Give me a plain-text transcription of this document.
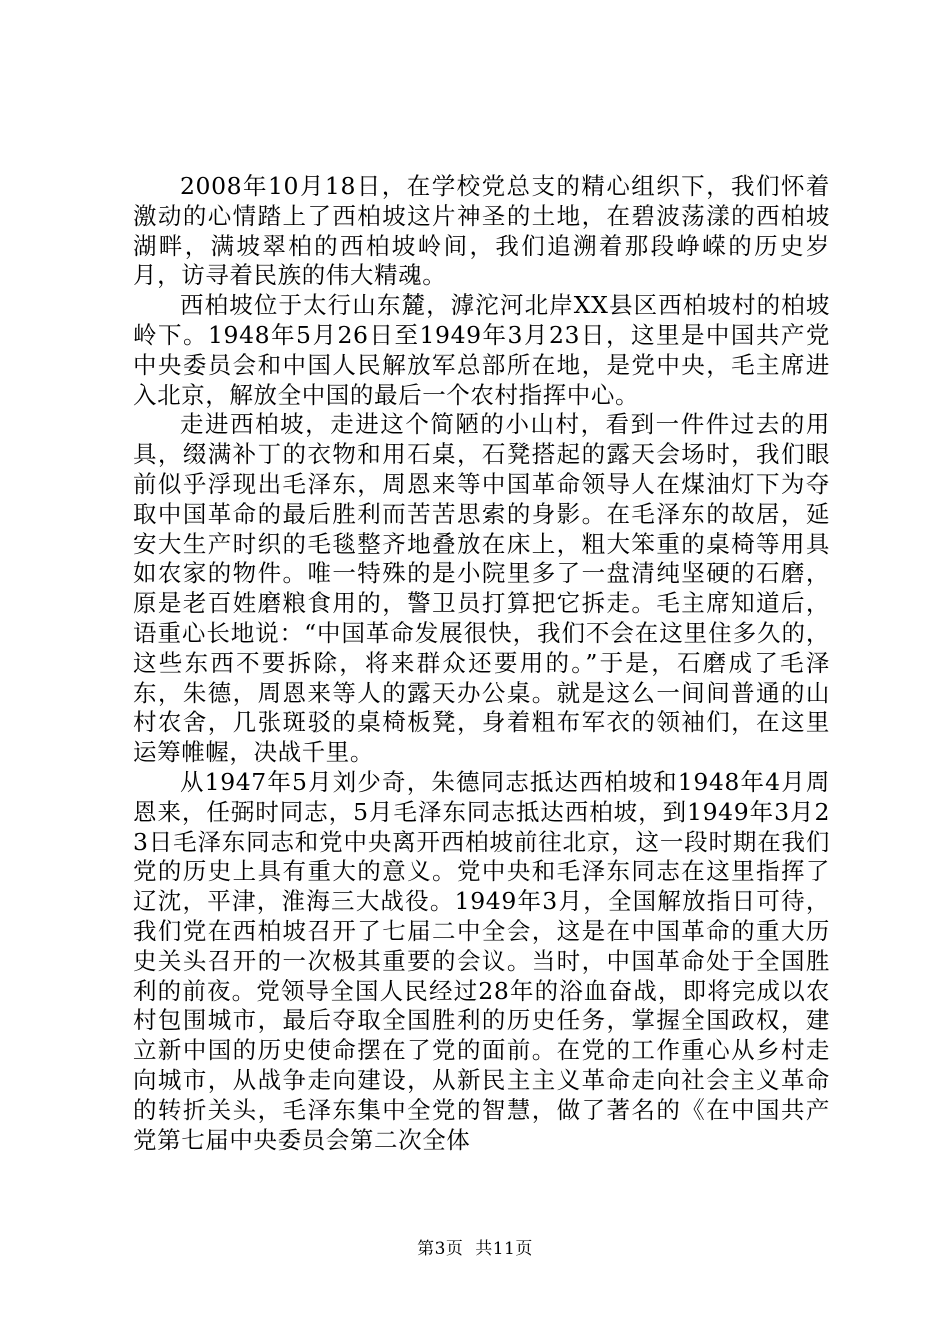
2008年10月18日，在学校党总支的精心组织下，我们怀着激动的心情踏上了西柏坡这片神圣的土地，在碧波荡漾的西柏坡湖畔，满坡翠柏的西柏坡岭间，我们追溯着那段峥嵘的历史岁月，访寻着民族的伟大精魂。

西柏坡位于太行山东麓，滹沱河北岸XX县区西柏坡村的柏坡岭下。1948年5月26日至1949年3月23日，这里是中国共产党中央委员会和中国人民解放军总部所在地，是党中央，毛主席进入北京，解放全中国的最后一个农村指挥中心。

走进西柏坡，走进这个简陋的小山村，看到一件件过去的用具，缀满补丁的衣物和用石桌，石凳搭起的露天会场时，我们眼前似乎浮现出毛泽东，周恩来等中国革命领导人在煤油灯下为夺取中国革命的最后胜利而苦苦思索的身影。在毛泽东的故居，延安大生产时织的毛毯整齐地叠放在床上，粗大笨重的桌椅等用具如农家的物件。唯一特殊的是小院里多了一盘清纯坚硬的石磨，原是老百姓磨粮食用的，警卫员打算把它拆走。毛主席知道后，语重心长地说：“中国革命发展很快，我们不会在这里住多久的，这些东西不要拆除，将来群众还要用的。”于是，石磨成了毛泽东，朱德，周恩来等人的露天办公桌。就是这么一间间普通的山村农舍，几张斑驳的桌椅板凳，身着粗布军衣的领袖们，在这里运筹帷幄，决战千里。

从1947年5月刘少奇，朱德同志抵达西柏坡和1948年4月周恩来，任弼时同志，5月毛泽东同志抵达西柏坡，到1949年3月23日毛泽东同志和党中央离开西柏坡前往北京，这一段时期在我们党的历史上具有重大的意义。党中央和毛泽东同志在这里指挥了辽沈，平津，淮海三大战役。1949年3月，全国解放指日可待，我们党在西柏坡召开了七届二中全会，这是在中国革命的重大历史关头召开的一次极其重要的会议。当时，中国革命处于全国胜利的前夜。党领导全国人民经过28年的浴血奋战，即将完成以农村包围城市，最后夺取全国胜利的历史任务，掌握全国政权，建立新中国的历史使命摆在了党的面前。在党的工作重心从乡村走向城市，从战争走向建设，从新民主主义革命走向社会主义革命的转折关头，毛泽东集中全党的智慧，做了著名的《在中国共产党第七届中央委员会第二次全体

第3页  共11页
